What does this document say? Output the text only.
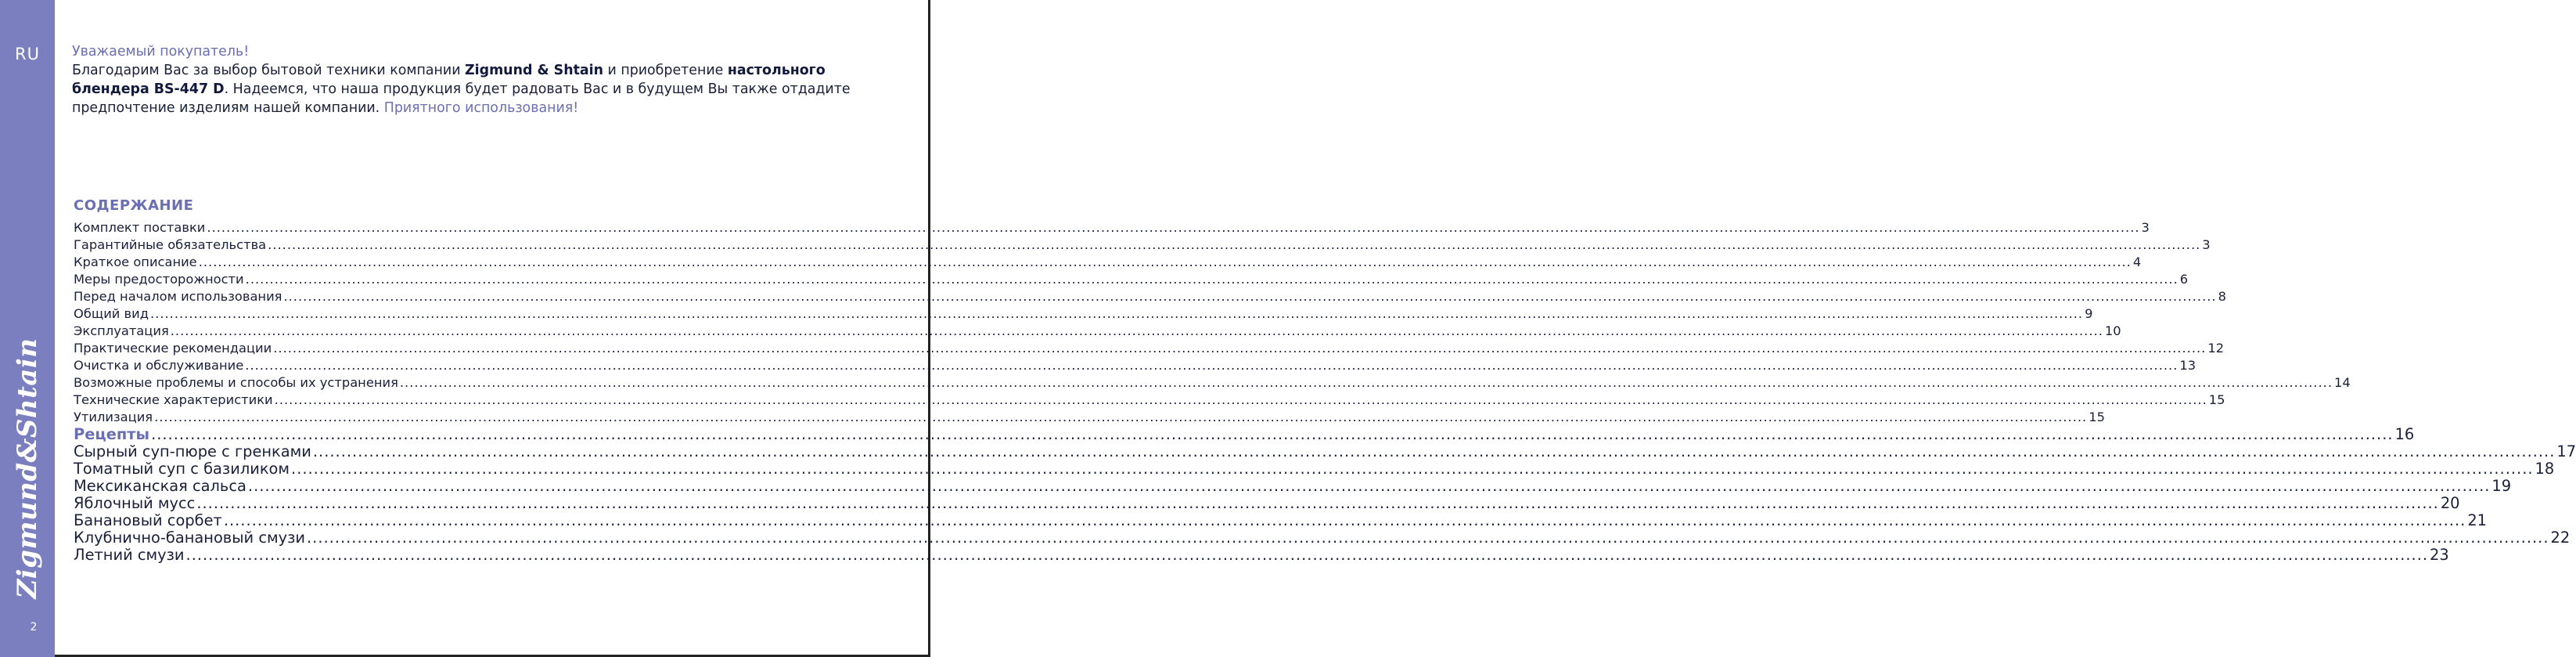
RU
Zigmund&Shtain
2
Уважаемый покупатель!
Благодарим Вас за выбор бытовой техники компании Zigmund & Shtain и приобретение настольного блендера BS-447 D. Надеемся, что наша продукция будет радовать Вас и в будущем Вы также отдадите предпочтение изделиям нашей компании. Приятного использования!
СОДЕРЖАНИЕ
Комплект поставки ................................................................................................................................................................................................................................................................................................................................................................................................................ 3
Гарантийные обязательства ................................................................................................................................................................................................................................................................................................................................................................................................................ 3
Краткое описание ................................................................................................................................................................................................................................................................................................................................................................................................................ 4
Меры предосторожности ................................................................................................................................................................................................................................................................................................................................................................................................................ 6
Перед началом использования ................................................................................................................................................................................................................................................................................................................................................................................................................ 8
Общий вид ................................................................................................................................................................................................................................................................................................................................................................................................................ 9
Эксплуатация ................................................................................................................................................................................................................................................................................................................................................................................................................ 10
Практические рекомендации ................................................................................................................................................................................................................................................................................................................................................................................................................ 12
Очистка и обслуживание ................................................................................................................................................................................................................................................................................................................................................................................................................ 13
Возможные проблемы и способы их устранения ................................................................................................................................................................................................................................................................................................................................................................................................................ 14
Технические характеристики ................................................................................................................................................................................................................................................................................................................................................................................................................ 15
Утилизация ................................................................................................................................................................................................................................................................................................................................................................................................................ 15
Рецепты ................................................................................................................................................................................................................................................................................................................................................................................................................ 16
Сырный суп-пюре с гренками ................................................................................................................................................................................................................................................................................................................................................................................................................ 17
Томатный суп с базиликом ................................................................................................................................................................................................................................................................................................................................................................................................................ 18
Мексиканская сальса ................................................................................................................................................................................................................................................................................................................................................................................................................ 19
Яблочный мусс ................................................................................................................................................................................................................................................................................................................................................................................................................ 20
Банановый сорбет ................................................................................................................................................................................................................................................................................................................................................................................................................ 21
Клубнично-банановый смузи ................................................................................................................................................................................................................................................................................................................................................................................................................ 22
Летний смузи ................................................................................................................................................................................................................................................................................................................................................................................................................ 23
